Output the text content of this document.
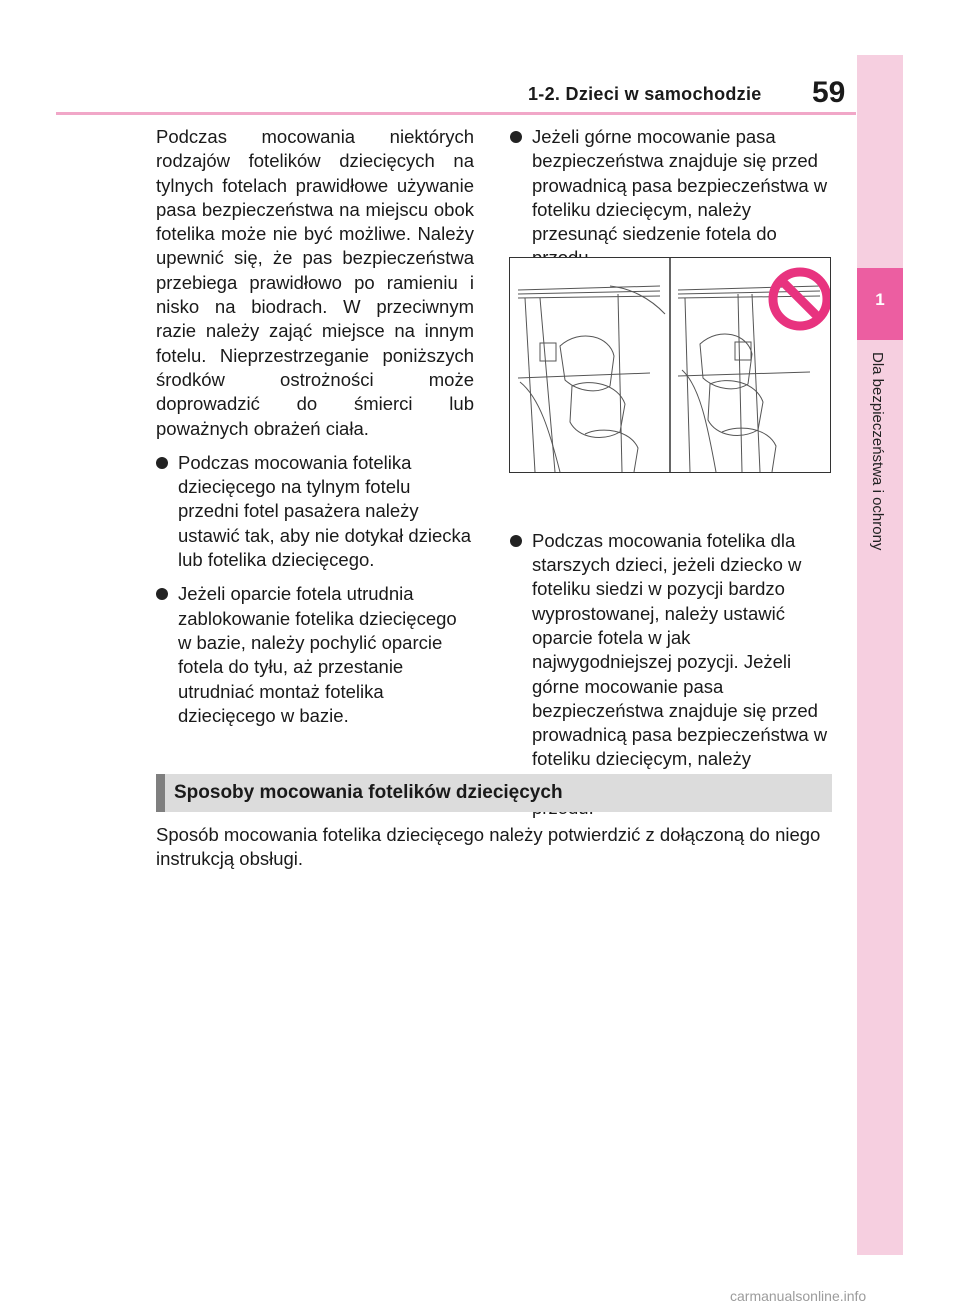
1-2. Dzieci w samochodzie 59
1
Dla bezpieczeństwa i ochrony

Podczas mocowania niektórych rodzajów fotelików dziecięcych na tylnych fotelach prawidłowe używanie pasa bezpieczeństwa na miejscu obok fotelika może nie być możliwe. Należy upewnić się, że pas bezpieczeństwa przebiega prawidłowo po ramieniu i nisko na biodrach. W przeciwnym razie należy zająć miejsce na innym fotelu. Nieprzestrzeganie poniższych środków ostrożności może doprowadzić do śmierci lub poważnych obrażeń ciała.

Podczas mocowania fotelika dziecięcego na tylnym fotelu przedni fotel pasażera należy ustawić tak, aby nie dotykał dziecka lub fotelika dziecięcego.
Jeżeli oparcie fotela utrudnia zablokowanie fotelika dziecięcego w bazie, należy pochylić oparcie fotela do tyłu, aż przestanie utrudniać montaż fotelika dziecięcego w bazie.
Jeżeli górne mocowanie pasa bezpieczeństwa znajduje się przed prowadnicą pasa bezpieczeństwa w foteliku dziecięcym, należy przesunąć siedzenie fotela do
Podczas mocowania fotelika dla starszych dzieci, jeżeli dziecko w foteliku siedzi w pozycji bardzo wyprostowanej, należy ustawić oparcie fotela w jak najwygodniejszej pozycji. Jeżeli górne mocowanie pasa bezpieczeństwa znajduje się przed prowadnicą pasa bezpieczeństwa w foteliku dziecięcym, należy
Sposoby mocowania fotelików dziecięcych

Sposób mocowania fotelika dziecięcego należy potwierdzić z dołączoną do niego instrukcją obsługi.

carmanualsonline.info
